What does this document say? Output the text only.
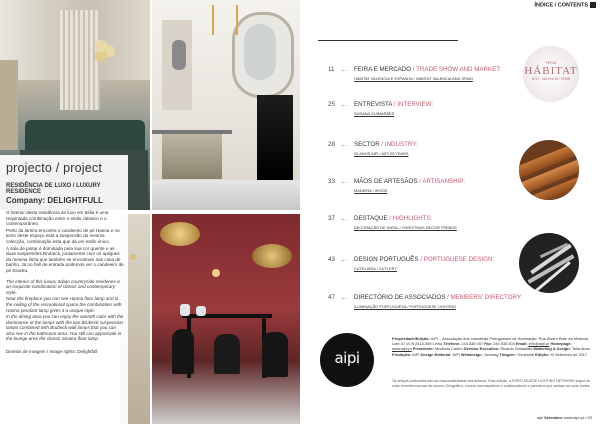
projecto / project
RESIDÊNCIA DE LUXO / LUXURY RESIDENCE
Company: DELIGHTFULL
O interior desta residência de luxo em Itália é uma requintada combinação entre o estilo clássico e o contemporâneo.
Perto da lareira encontra o candeeiro de pé Hanna e no tecto deste espaço está a suspensão da mesma colecção, combinação esta que dá um estilo único.
A sala de jantar é dominada pela sua cor quente e as duas suspensões Brubeck, juntamente com os apliques da mesma linha que também se encontram nas casa de banho. Já no hall de entrada podemos ver o candeeiro de pé Sinatra.
The interior of this luxury Italian countryside residence is an exquisite combination of classic and contemporary style.
Near the fireplace you can see Hanna floor lamp and in the ceiling of the recreational space the combination with Hanna pendant lamp gives it a unique style.
In the dining area you can enjoy the warmth color with the dominance of the lamps with the two Brubeck suspension lamps combined with Brubeck wall lamps that you can also see in the bathroom area. You still can appreciate in the lounge area the classic Sinatra floor lamp.
Direitos de imagem / Image rights: Delightfull
ÍNDICE / CONTENTS
11 ... FEIRA E MERCADO / TRADE SHOW AND MARKET:
HABITAT VALENCIA E ESPANHA / HABITAT VALENCIA AND SPAIN
25 ... ENTREVISTA / INTERVIEW:
SUSANA GUIMARÃES
28 ... SECTOR / INDUSTRY:
20 ANOS AIPI / AIPI 20 YEARS
33 ... MÃOS DE ARTESÃOS / ARTISANSHIP:
MADEIRA / WOOD
37 ... DESTAQUE / HIGHLIGHTS:
DECORAÇÃO DE NATAL / CHRISTMAS DECOR TRENDS
43 ... DESIGN PORTUGUÊS / PORTUGUESE DESIGN:
CUTELARIA / CUTLERY
47 ... DIRECTÓRIO DE ASSOCIADOS / MEMBERS' DIRECTORY:
ILUMINAÇÃO PORTUGUESA / PORTUGUESE LIGHTING
FERIA
HÁBITAT
2017 · VALENCIA / SPAIN
aipi
Propriedade/Edição: AIPI – Associação dos Industriais Portugueses de Iluminação, Rua Álvaro Brée da Miranda, Lote 47 r/c B 2415-369 Leiria Telefone: 244 835 057 Fax: 244 835 503 Email: info@aipi.pt Homepage: www.aipi.pt Presidente: Modesto Castro Director Executivo: Ricardo Sebastião Marketing & Design: Telia Alves Produção: AIPI Design Editorial: AIPI Webdesign: Jovimag Tiragem: Trimestral Edição: XI Setembro de 2017
Os artigos publicados são da responsabilidade dos autores. Esta edição, a PORTUGUESE LIGHTING NETWORK segue as mais recentes normas do acordo Ortográfico, exceto nos respetivos e colaboradores e parceiros que adotam as suas fontes.
aipi Setembro www.aipi.pt • 03
